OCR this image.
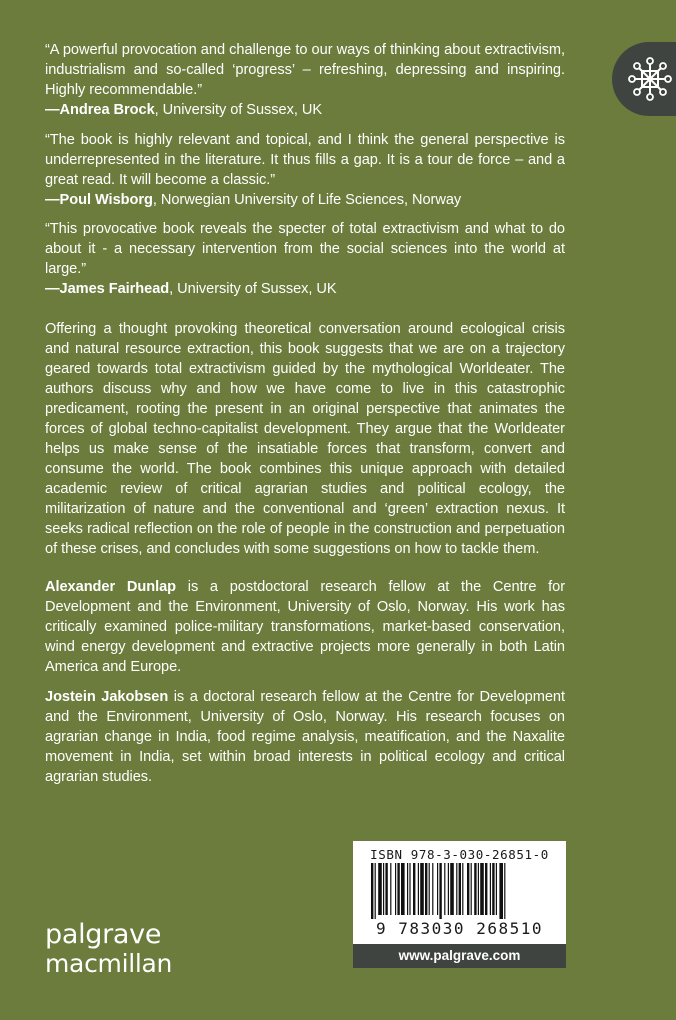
“A powerful provocation and challenge to our ways of thinking about extractivism, industrialism and so-called ‘progress’ – refreshing, depressing and inspiring. Highly recommendable.”

—Andrea Brock, University of Sussex, UK

“The book is highly relevant and topical, and I think the general perspective is underrepresented in the literature. It thus fills a gap. It is a tour de force – and a great read. It will become a classic.”

—Poul Wisborg, Norwegian University of Life Sciences, Norway

“This provocative book reveals the specter of total extractivism and what to do about it - a necessary intervention from the social sciences into the world at large.”

—James Fairhead, University of Sussex, UK

Offering a thought provoking theoretical conversation around ecological crisis and natural resource extraction, this book suggests that we are on a trajectory geared towards total extractivism guided by the mythological Worldeater. The authors discuss why and how we have come to live in this catastrophic predicament, rooting the present in an original perspective that animates the forces of global techno-capitalist development. They argue that the Worldeater helps us make sense of the insatiable forces that transform, convert and consume the world. The book combines this unique approach with detailed academic review of critical agrarian studies and political ecology, the militarization of nature and the conventional and ‘green’ extraction nexus. It seeks radical reflection on the role of people in the construction and perpetuation of these crises, and concludes with some suggestions on how to tackle them.

Alexander Dunlap is a postdoctoral research fellow at the Centre for Development and the Environment, University of Oslo, Norway. His work has critically examined police-military transformations, market-based conservation, wind energy development and extractive projects more generally in both Latin America and Europe.

Jostein Jakobsen is a doctoral research fellow at the Centre for Development and the Environment, University of Oslo, Norway. His research focuses on agrarian change in India, food regime analysis, meatification, and the Naxalite movement in India, set within broad interests in political ecology and critical agrarian studies.

ISBN 978-3-030-26851-0
9 783030 268510
www.palgrave.com
palgrave
macmillan
